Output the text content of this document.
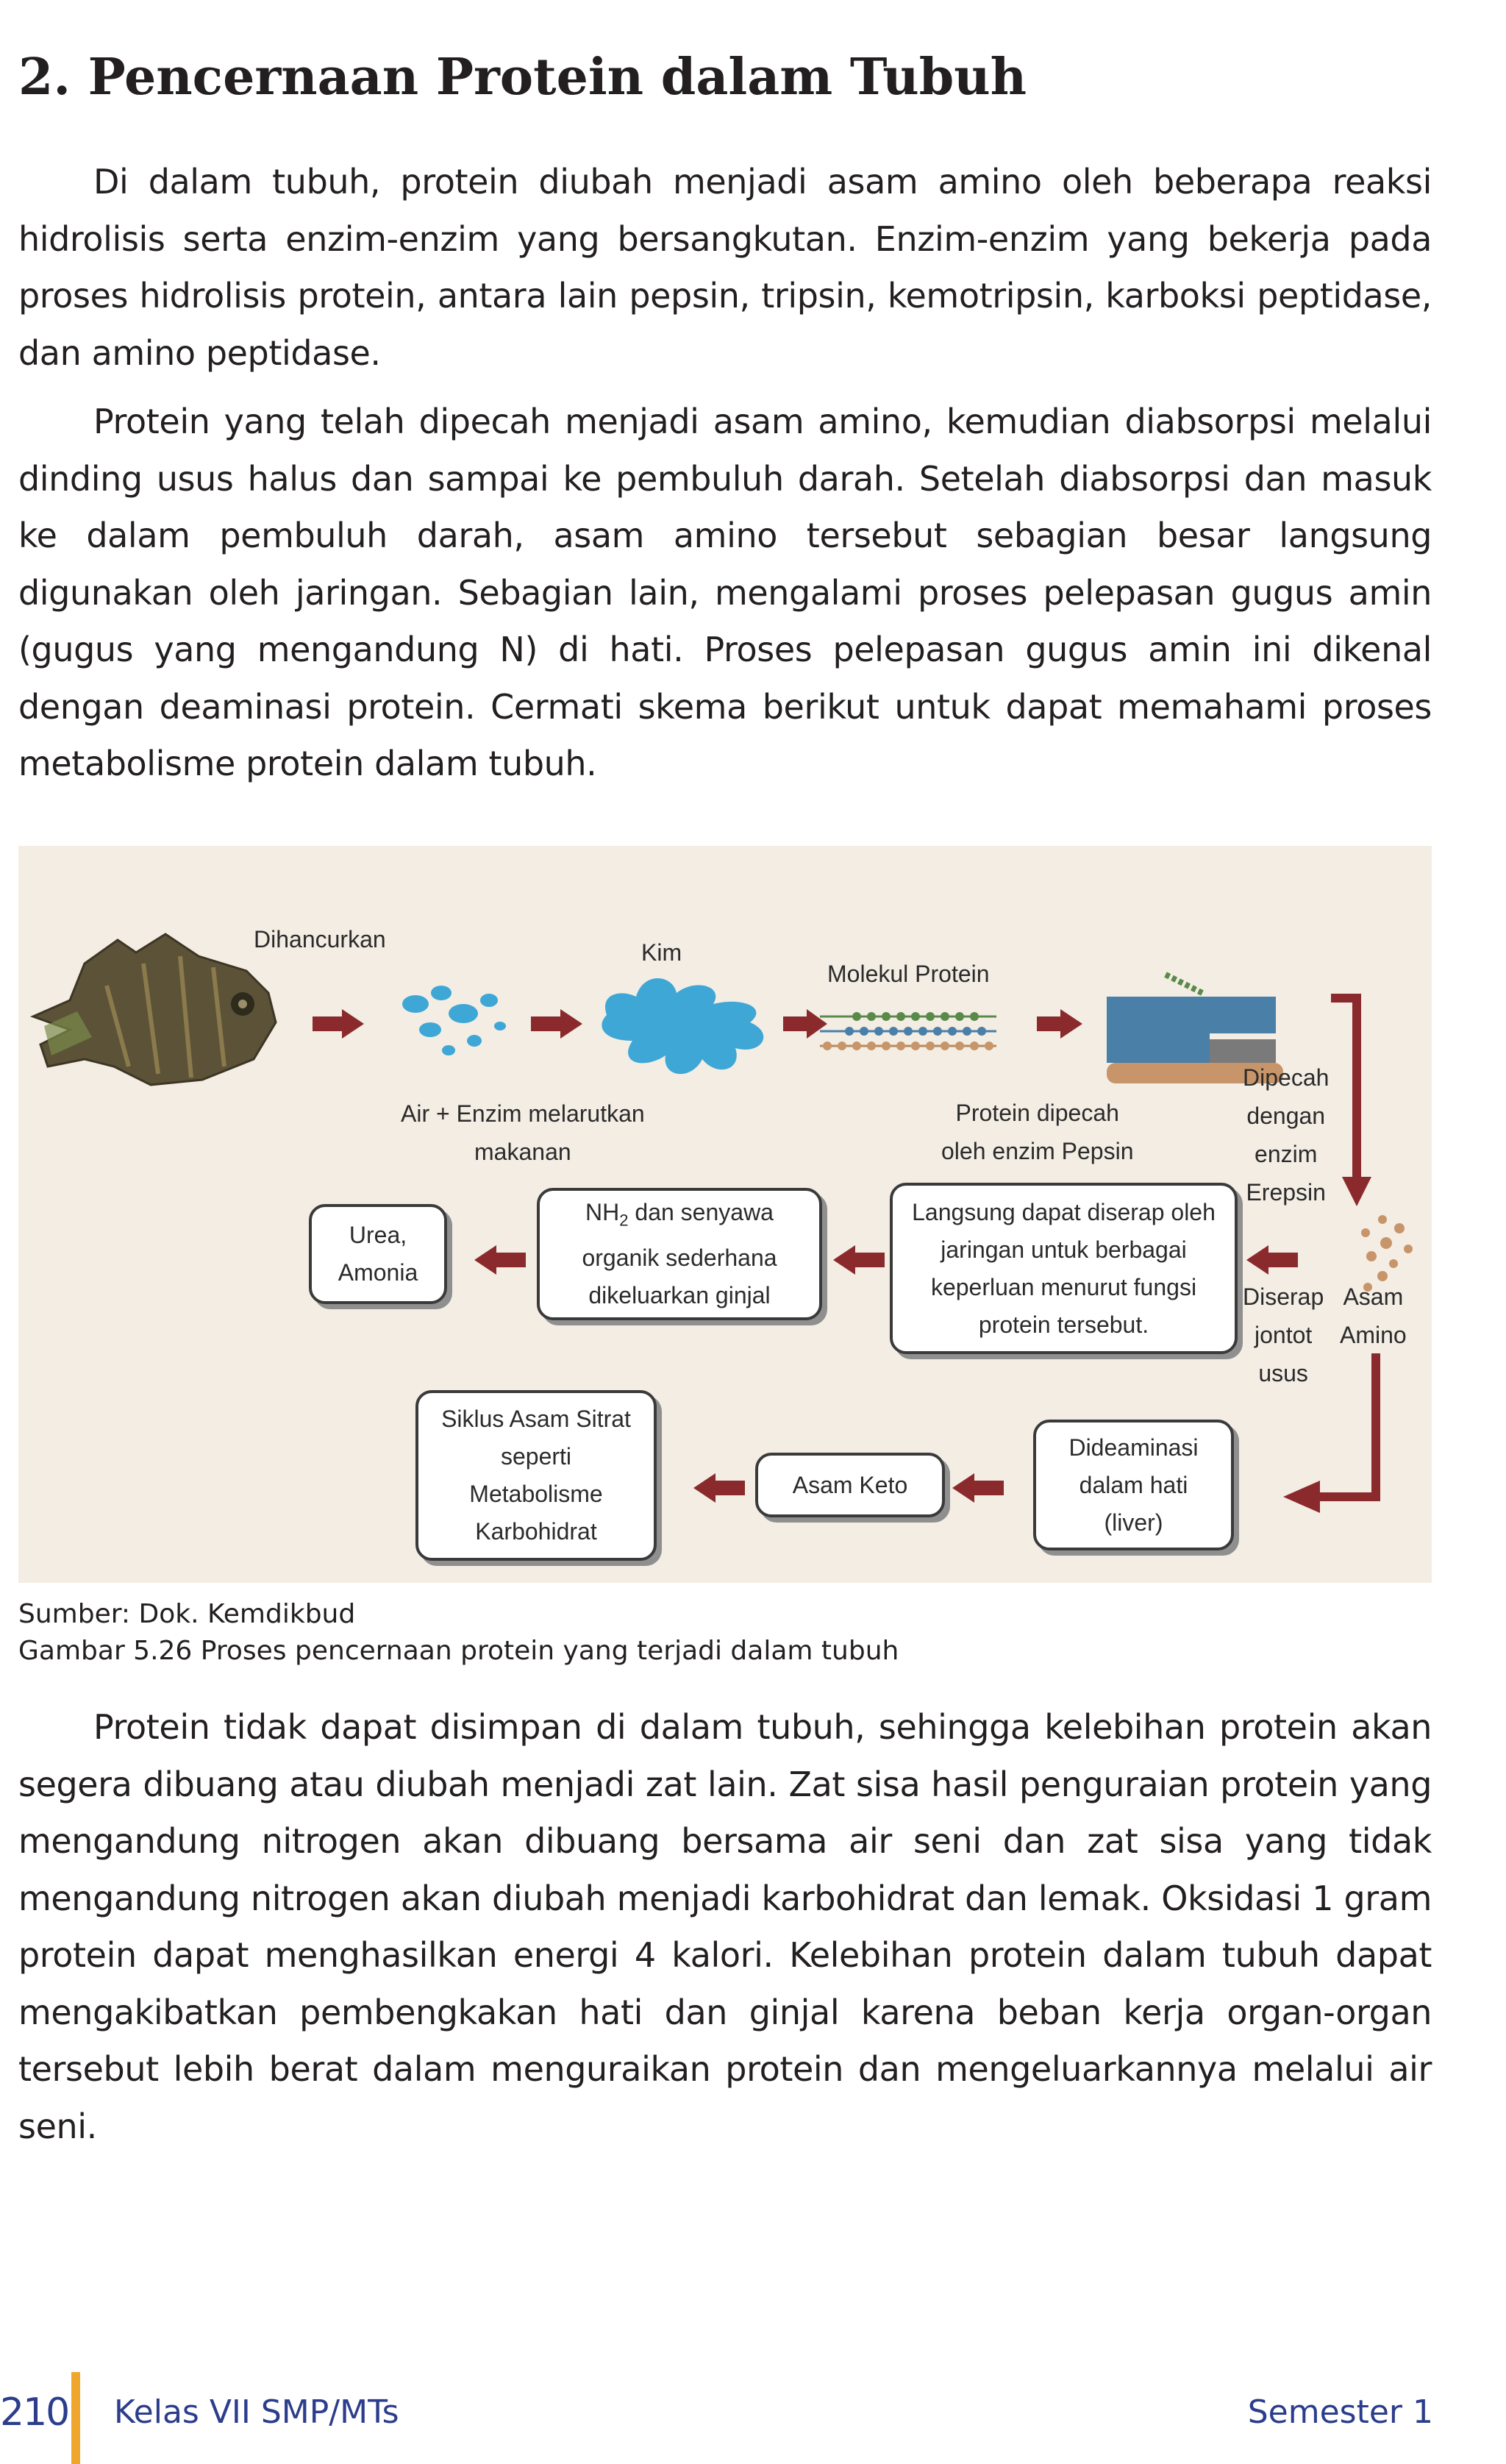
2. Pencernaan Protein dalam Tubuh

Di dalam tubuh, protein diubah menjadi asam amino oleh beberapa reaksi hidrolisis serta enzim-enzim yang bersangkutan. Enzim-enzim yang bekerja pada proses hidrolisis protein, antara lain pepsin, tripsin, kemotripsin, karboksi peptidase, dan amino peptidase.

Protein yang telah dipecah menjadi asam amino, kemudian diabsorpsi melalui dinding usus halus dan sampai ke pembuluh darah. Setelah diabsorpsi dan masuk ke dalam pembuluh darah, asam amino tersebut sebagian besar langsung digunakan oleh jaringan. Sebagian lain, mengalami proses pelepasan gugus amin (gugus yang mengandung N) di hati. Proses pelepasan gugus amin ini dikenal dengan deaminasi protein. Cermati skema berikut untuk dapat memahami proses metabolisme protein dalam tubuh.

Dihancurkan	Kim
Molekul Protein
Air + Enzim melarutkan
makanan
Protein dipecah
oleh enzim Pepsin
Dipecah
dengan
enzim
Erepsin
Diserap
jontot
usus
Asam
Amino
Urea,
Amonia
$NH_2$ dan senyawa
organik sederhana
dikeluarkan ginjal
Langsung dapat diserap oleh
jaringan untuk berbagai
keperluan menurut fungsi
protein tersebut.
Siklus Asam Sitrat
seperti
Metabolisme
Karbohidrat
Asam Keto
Dideaminasi
dalam hati
(liver)

Sumber: Dok. Kemdikbud

Gambar 5.26 Proses pencernaan protein yang terjadi dalam tubuh

Protein tidak dapat disimpan di dalam tubuh, sehingga kelebihan protein akan segera dibuang atau diubah menjadi zat lain. Zat sisa hasil penguraian protein yang mengandung nitrogen akan dibuang bersama air seni dan zat sisa yang tidak mengandung nitrogen akan diubah menjadi karbohidrat dan lemak. Oksidasi 1 gram protein dapat menghasilkan energi 4 kalori. Kelebihan protein dalam tubuh dapat mengakibatkan pembengkakan hati dan ginjal karena beban kerja organ-organ tersebut lebih berat dalam menguraikan protein dan mengeluarkannya melalui air seni.

210 Kelas VII SMP/MTs	Semester 1
